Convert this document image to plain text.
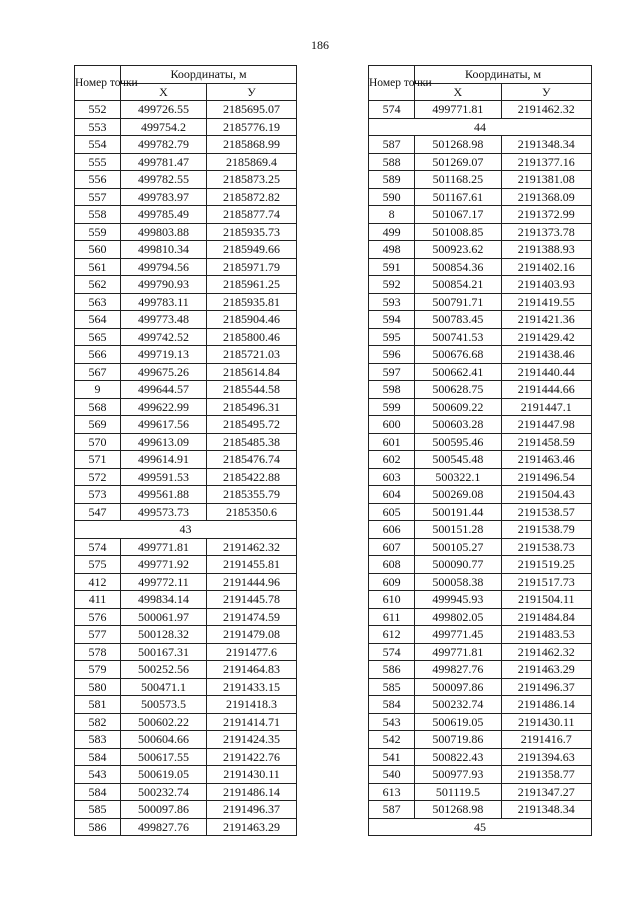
186
Номер точки	Координаты, м	
	X	У
552	499726.55	2185695.07
553	499754.2	2185776.19
554	499782.79	2185868.99
555	499781.47	2185869.4
556	499782.55	2185873.25
557	499783.97	2185872.82
558	499785.49	2185877.74
559	499803.88	2185935.73
560	499810.34	2185949.66
561	499794.56	2185971.79
562	499790.93	2185961.25
563	499783.11	2185935.81
564	499773.48	2185904.46
565	499742.52	2185800.46
566	499719.13	2185721.03
567	499675.26	2185614.84
9	499644.57	2185544.58
568	499622.99	2185496.31
569	499617.56	2185495.72
570	499613.09	2185485.38
571	499614.91	2185476.74
572	499591.53	2185422.88
573	499561.88	2185355.79
547	499573.73	2185350.6
43		
574	499771.81	2191462.32
575	499771.92	2191455.81
412	499772.11	2191444.96
411	499834.14	2191445.78
576	500061.97	2191474.59
577	500128.32	2191479.08
578	500167.31	2191477.6
579	500252.56	2191464.83
580	500471.1	2191433.15
581	500573.5	2191418.3
582	500602.22	2191414.71
583	500604.66	2191424.35
584	500617.55	2191422.76
543	500619.05	2191430.11
584	500232.74	2191486.14
585	500097.86	2191496.37
586	499827.76	2191463.29
Номер точки	Координаты, м	
	X	У
574	499771.81	2191462.32
44		
587	501268.98	2191348.34
588	501269.07	2191377.16
589	501168.25	2191381.08
590	501167.61	2191368.09
8	501067.17	2191372.99
499	501008.85	2191373.78
498	500923.62	2191388.93
591	500854.36	2191402.16
592	500854.21	2191403.93
593	500791.71	2191419.55
594	500783.45	2191421.36
595	500741.53	2191429.42
596	500676.68	2191438.46
597	500662.41	2191440.44
598	500628.75	2191444.66
599	500609.22	2191447.1
600	500603.28	2191447.98
601	500595.46	2191458.59
602	500545.48	2191463.46
603	500322.1	2191496.54
604	500269.08	2191504.43
605	500191.44	2191538.57
606	500151.28	2191538.79
607	500105.27	2191538.73
608	500090.77	2191519.25
609	500058.38	2191517.73
610	499945.93	2191504.11
611	499802.05	2191484.84
612	499771.45	2191483.53
574	499771.81	2191462.32
586	499827.76	2191463.29
585	500097.86	2191496.37
584	500232.74	2191486.14
543	500619.05	2191430.11
542	500719.86	2191416.7
541	500822.43	2191394.63
540	500977.93	2191358.77
613	501119.5	2191347.27
587	501268.98	2191348.34
45		
